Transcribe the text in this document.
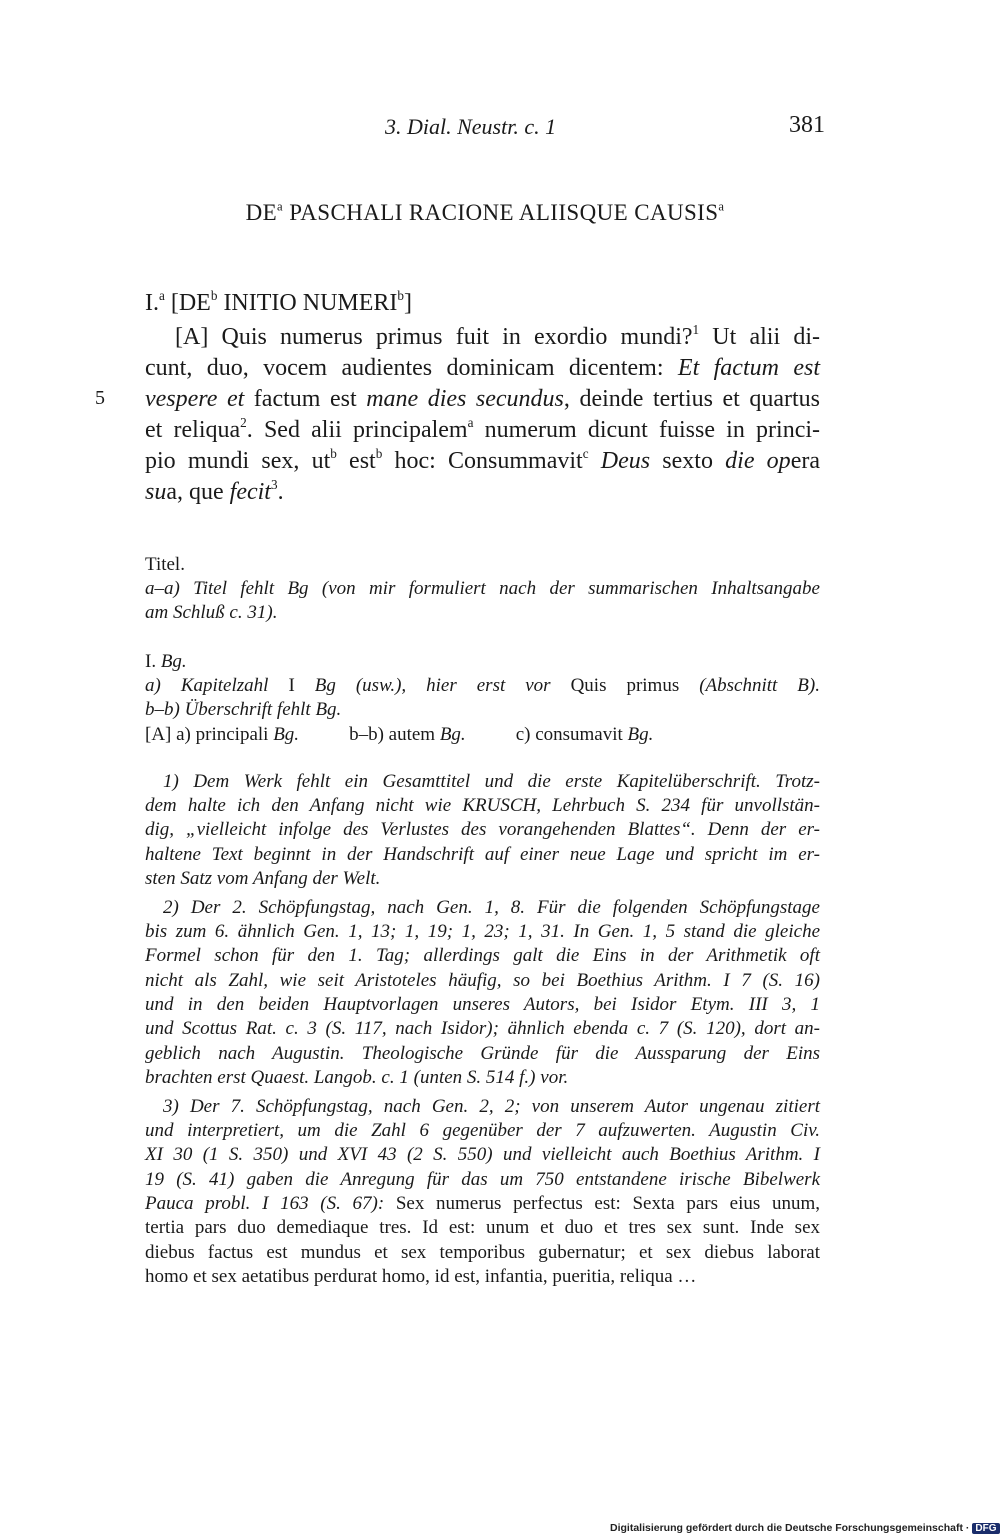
3. Dial. Neustr. c. 1	381
$DE^a$ PASCHALI RACIONE ALIISQUE CAUSIS$^a$
I.$^a$ [$DE^b$ INITIO NUMERI$^b$]
[A] Quis numerus primus fuit in exordio mundi?$^1$ Ut alii di-
cunt, duo, vocem audientes dominicam dicentem: Et factum est
5 vespere et factum est mane dies secundus, deinde tertius et quartus
et reliqua$^2$. Sed alii principalem$^a$ numerum dicunt fuisse in princi-
pio mundi sex, $ut^b$ est$^b$ hoc: Consummavit$^c$ Deus sexto die opera
sua, que fecit$^3$.
Titel.
a–a) Titel fehlt Bg (von mir formuliert nach der summarischen Inhaltsangabe
am Schluß c. 31).
I. Bg.
a) Kapitelzahl I Bg (usw.), hier erst vor Quis primus (Abschnitt B).
b–b) Überschrift fehlt Bg.
[A] a) principali Bg.	b–b) autem Bg.	c) consumavit Bg.
1) Dem Werk fehlt ein Gesamttitel und die erste Kapitelüberschrift. Trotz-
dem halte ich den Anfang nicht wie KRUSCH, Lehrbuch S. 234 für unvollstän-
dig, „vielleicht infolge des Verlustes des vorangehenden Blattes“. Denn der er-
haltene Text beginnt in der Handschrift auf einer neue Lage und spricht im er-
sten Satz vom Anfang der Welt.
2) Der 2. Schöpfungstag, nach Gen. 1, 8. Für die folgenden Schöpfungstage
bis zum 6. ähnlich Gen. 1, 13; 1, 19; 1, 23; 1, 31. In Gen. 1, 5 stand die gleiche
Formel schon für den 1. Tag; allerdings galt die Eins in der Arithmetik oft
nicht als Zahl, wie seit Aristoteles häufig, so bei Boethius Arithm. I 7 (S. 16)
und in den beiden Hauptvorlagen unseres Autors, bei Isidor Etym. III 3, 1
und Scottus Rat. c. 3 (S. 117, nach Isidor); ähnlich ebenda c. 7 (S. 120), dort an-
geblich nach Augustin. Theologische Gründe für die Aussparung der Eins
brachten erst Quaest. Langob. c. 1 (unten S. 514 f.) vor.
3) Der 7. Schöpfungstag, nach Gen. 2, 2; von unserem Autor ungenau zitiert
und interpretiert, um die Zahl 6 gegenüber der 7 aufzuwerten. Augustin Civ.
XI 30 (1 S. 350) und XVI 43 (2 S. 550) und vielleicht auch Boethius Arithm. I
19 (S. 41) gaben die Anregung für das um 750 entstandene irische Bibelwerk
Pauca probl. I 163 (S. 67): Sex numerus perfectus est: Sexta pars eius unum,
tertia pars duo demediaque tres. Id est: unum et duo et tres sex sunt. Inde sex
diebus factus est mundus et sex temporibus gubernatur; et sex diebus laborat
homo et sex aetatibus perdurat homo, id est, infantia, pueritia, reliqua …
Digitalisierung gefördert durch die Deutsche Forschungsgemeinschaft · DFG
